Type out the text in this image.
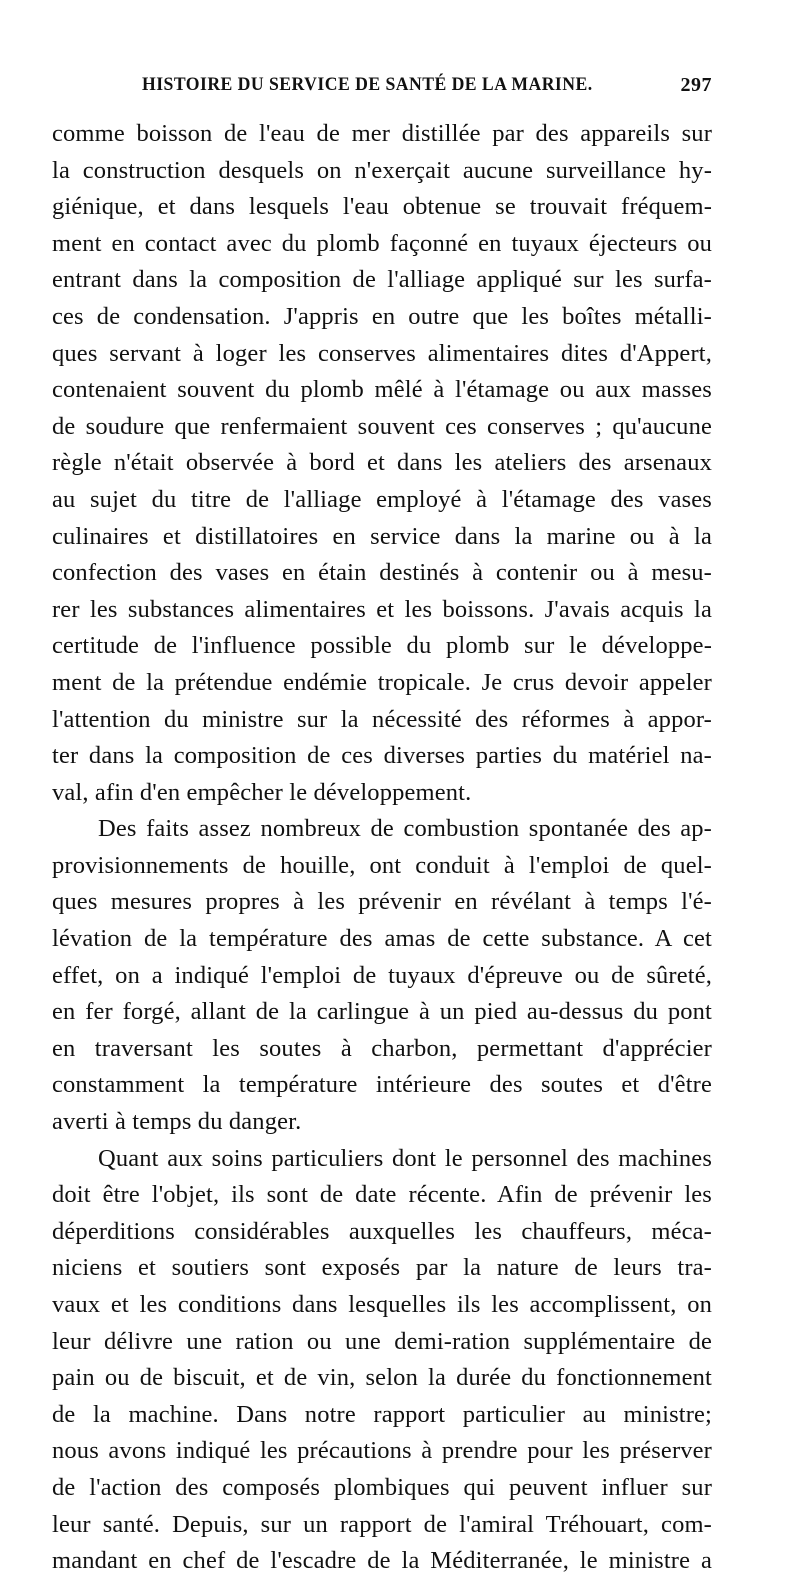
HISTOIRE DU SERVICE DE SANTÉ DE LA MARINE.	297
comme boisson de l'eau de mer distillée par des appareils sur
la construction desquels on n'exerçait aucune surveillance hy-
giénique, et dans lesquels l'eau obtenue se trouvait fréquem-
ment en contact avec du plomb façonné en tuyaux éjecteurs ou
entrant dans la composition de l'alliage appliqué sur les surfa-
ces de condensation. J'appris en outre que les boîtes métalli-
ques servant à loger les conserves alimentaires dites d'Appert,
contenaient souvent du plomb mêlé à l'étamage ou aux masses
de soudure que renfermaient souvent ces conserves ; qu'aucune
règle n'était observée à bord et dans les ateliers des arsenaux
au sujet du titre de l'alliage employé à l'étamage des vases
culinaires et distillatoires en service dans la marine ou à la
confection des vases en étain destinés à contenir ou à mesu-
rer les substances alimentaires et les boissons. J'avais acquis la
certitude de l'influence possible du plomb sur le développe-
ment de la prétendue endémie tropicale. Je crus devoir appeler
l'attention du ministre sur la nécessité des réformes à appor-
ter dans la composition de ces diverses parties du matériel na-
val, afin d'en empêcher le développement.
Des faits assez nombreux de combustion spontanée des ap-
provisionnements de houille, ont conduit à l'emploi de quel-
ques mesures propres à les prévenir en révélant à temps l'é-
lévation de la température des amas de cette substance. A cet
effet, on a indiqué l'emploi de tuyaux d'épreuve ou de sûreté,
en fer forgé, allant de la carlingue à un pied au-dessus du pont
en traversant les soutes à charbon, permettant d'apprécier
constamment la température intérieure des soutes et d'être
averti à temps du danger.
Quant aux soins particuliers dont le personnel des machines
doit être l'objet, ils sont de date récente. Afin de prévenir les
déperditions considérables auxquelles les chauffeurs, méca-
niciens et soutiers sont exposés par la nature de leurs tra-
vaux et les conditions dans lesquelles ils les accomplissent, on
leur délivre une ration ou une demi-ration supplémentaire de
pain ou de biscuit, et de vin, selon la durée du fonctionnement
de la machine. Dans notre rapport particulier au ministre;
nous avons indiqué les précautions à prendre pour les préserver
de l'action des composés plombiques qui peuvent influer sur
leur santé. Depuis, sur un rapport de l'amiral Tréhouart, com-
mandant en chef de l'escadre de la Méditerranée, le ministre a
